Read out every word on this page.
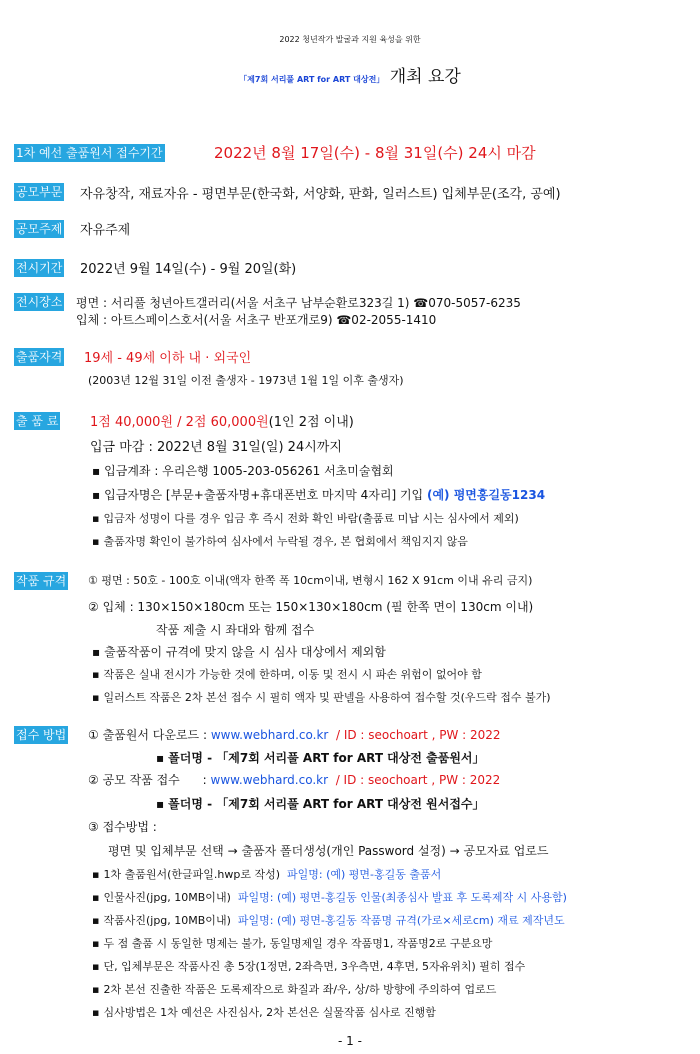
2022 청년작가 발굴과 지원 육성을 위한
「제7회 서리풀 ART for ART 대상전」 개최 요강
1차 예선 출품원서 접수기간	2022년 8월 17일(수) - 8월 31일(수) 24시 마감
공모부문 자유창작, 재료자유 - 평면부문(한국화, 서양화, 판화, 일러스트) 입체부문(조각, 공예)
공모주제 자유주제
전시기간 2022년 9월 14일(수) - 9월 20일(화)
전시장소 평면 : 서리풀 청년아트갤러리(서울 서초구 남부순환로323길 1) ☎070-5057-6235
입체 : 아트스페이스호서(서울 서초구 반포개로9) ☎02-2055-1410
출품자격 19세 - 49세 이하 내 · 외국인
(2003년 12월 31일 이전 출생자 - 1973년 1월 1일 이후 출생자)
출 품 료 1점 40,000원 / 2점 60,000원(1인 2점 이내)
입금 마감 : 2022년 8월 31일(일) 24시까지
▪ 입금계좌 : 우리은행 1005-203-056261 서초미술협회
▪ 입금자명은 [부문+출품자명+휴대폰번호 마지막 4자리] 기입 (예) 평면홍길동1234
▪ 입금자 성명이 다를 경우 입금 후 즉시 전화 확인 바람(출품료 미납 시는 심사에서 제외)
▪ 출품자명 확인이 불가하여 심사에서 누락될 경우, 본 협회에서 책임지지 않음
작품 규격 ① 평면 : 50호 - 100호 이내(액자 한쪽 폭 10cm이내, 변형시 162 X 91cm 이내 유리 금지)
② 입체 : 130×150×180cm 또는 150×130×180cm (필 한쪽 면이 130cm 이내)
작품 제출 시 좌대와 함께 접수
▪ 출품작품이 규격에 맞지 않을 시 심사 대상에서 제외함
▪ 작품은 실내 전시가 가능한 것에 한하며, 이동 및 전시 시 파손 위험이 없어야 함
▪ 일러스트 작품은 2차 본선 접수 시 필히 액자 및 판넬을 사용하여 접수할 것(우드락 접수 불가)
접수 방법 ① 출품원서 다운로드 : www.webhard.co.kr / ID : seochoart , PW : 2022
▪ 폴더명 - 「제7회 서리풀 ART for ART 대상전 출품원서」
② 공모 작품 접수 : www.webhard.co.kr / ID : seochoart , PW : 2022
▪ 폴더명 - 「제7회 서리풀 ART for ART 대상전 원서접수」
③ 접수방법 :
평면 및 입체부문 선택 → 출품자 폴더생성(개인 Password 설정) → 공모자료 업로드
▪ 1차 출품원서(한글파일.hwp로 작성) 파일명: (예) 평면-홍길동 출품서
▪ 인물사진(jpg, 10MB이내) 파일명: (예) 평면-홍길동 인물(최종심사 발표 후 도록제작 시 사용함)
▪ 작품사진(jpg, 10MB이내) 파일명: (예) 평면-홍길동 작품명 규격(가로×세로cm) 재료 제작년도
▪ 두 점 출품 시 동일한 명제는 불가, 동일명제일 경우 작품명1, 작품명2로 구분요망
▪ 단, 입체부문은 작품사진 총 5장(1정면, 2좌측면, 3우측면, 4후면, 5자유위치) 필히 접수
▪ 2차 본선 진출한 작품은 도록제작으로 화질과 좌/우, 상/하 방향에 주의하여 업로드
▪ 심사방법은 1차 예선은 사진심사, 2차 본선은 실물작품 심사로 진행함
- 1 -
